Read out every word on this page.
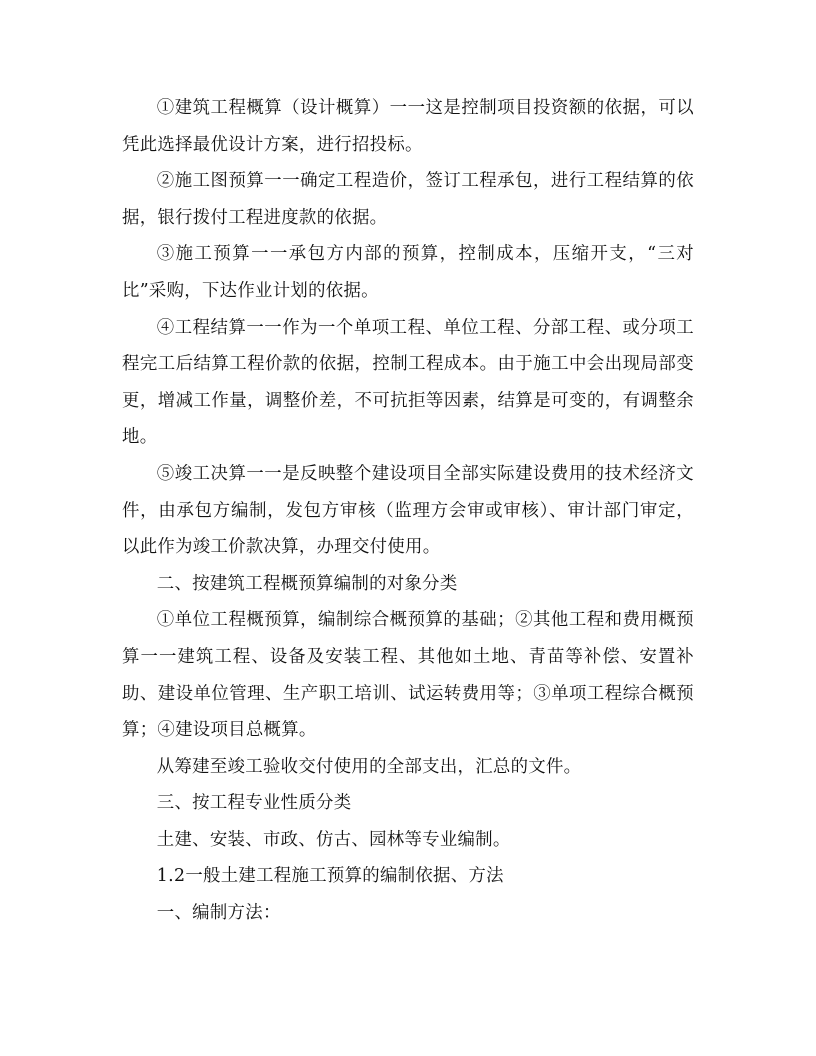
①建筑工程概算（设计概算）一一这是控制项目投资额的依据，可以凭此选择最优设计方案，进行招投标。

②施工图预算一一确定工程造价，签订工程承包，进行工程结算的依据，银行拨付工程进度款的依据。

③施工预算一一承包方内部的预算，控制成本，压缩开支，“三对比”采购，下达作业计划的依据。

④工程结算一一作为一个单项工程、单位工程、分部工程、或分项工程完工后结算工程价款的依据，控制工程成本。由于施工中会出现局部变更，增减工作量，调整价差，不可抗拒等因素，结算是可变的，有调整余地。

⑤竣工决算一一是反映整个建设项目全部实际建设费用的技术经济文件，由承包方编制，发包方审核（监理方会审或审核）、审计部门审定，以此作为竣工价款决算，办理交付使用。

二、按建筑工程概预算编制的对象分类

①单位工程概预算，编制综合概预算的基础；②其他工程和费用概预算一一建筑工程、设备及安装工程、其他如土地、青苗等补偿、安置补助、建设单位管理、生产职工培训、试运转费用等；③单项工程综合概预算；④建设项目总概算。

从筹建至竣工验收交付使用的全部支出，汇总的文件。

三、按工程专业性质分类

土建、安装、市政、仿古、园林等专业编制。

1.2一般土建工程施工预算的编制依据、方法

一、编制方法：
